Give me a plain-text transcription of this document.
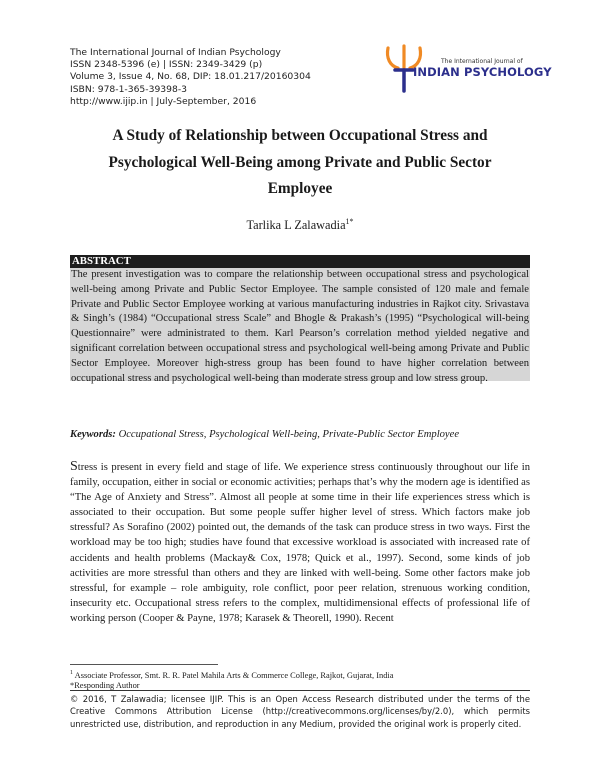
The International Journal of Indian Psychology
ISSN 2348-5396 (e) | ISSN: 2349-3429 (p)
Volume 3, Issue 4, No. 68, DIP: 18.01.217/20160304
ISBN: 978-1-365-39398-3
http://www.ijip.in | July-September, 2016
The International Journal of
INDIAN PSYCHOLOGY
A Study of Relationship between Occupational Stress and
Psychological Well-Being among Private and Public Sector
Employee
Tarlika L Zalawadia$^{1*}$
ABSTRACT
The present investigation was to compare the relationship between occupational stress and psychological well-being among Private and Public Sector Employee. The sample consisted of 120 male and female Private and Public Sector Employee working at various manufacturing industries in Rajkot city. Srivastava & Singh’s (1984) “Occupational stress Scale” and Bhogle & Prakash’s (1995) “Psychological will-being Questionnaire” were administrated to them. Karl Pearson’s correlation method yielded negative and significant correlation between occupational stress and psychological well-being among Private and Public Sector Employee. Moreover high-stress group has been found to have higher correlation between occupational stress and psychological well-being than moderate stress group and low stress group.
Keywords: Occupational Stress, Psychological Well-being, Private-Public Sector Employee
Stress is present in every field and stage of life. We experience stress continuously throughout our life in family, occupation, either in social or economic activities; perhaps that’s why the modern age is identified as “The Age of Anxiety and Stress”. Almost all people at some time in their life experiences stress which is associated to their occupation. But some people suffer higher level of stress. Which factors make job stressful? As Sorafino (2002) pointed out, the demands of the task can produce stress in two ways. First the workload may be too high; studies have found that excessive workload is associated with increased rate of accidents and health problems (Mackay& Cox, 1978; Quick et al., 1997). Second, some kinds of job activities are more stressful than others and they are linked with well-being. Some other factors make job stressful, for example – role ambiguity, role conflict, poor peer relation, strenuous working condition, insecurity etc. Occupational stress refers to the complex, multidimensional effects of professional life of working person (Cooper & Payne, 1978; Karasek & Theorell, 1990). Recent
$^1$ Associate Professor, Smt. R. R. Patel Mahila Arts & Commerce College, Rajkot, Gujarat, India
*Responding Author
© 2016, T Zalawadia; licensee IJIP. This is an Open Access Research distributed under the terms of the Creative Commons Attribution License (http://creativecommons.org/licenses/by/2.0), which permits unrestricted use, distribution, and reproduction in any Medium, provided the original work is properly cited.
